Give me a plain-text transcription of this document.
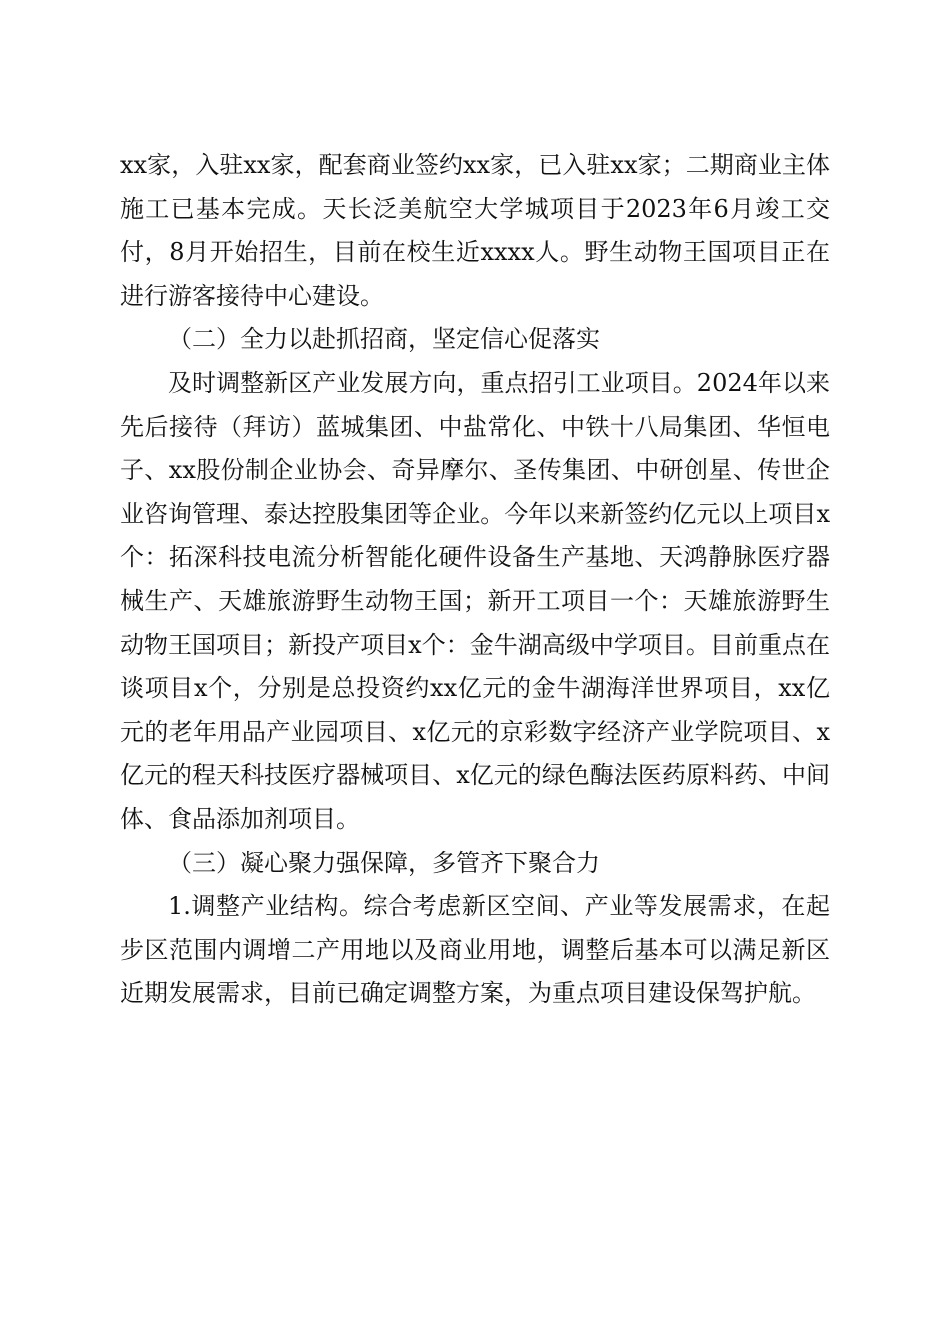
xx家，入驻xx家，配套商业签约xx家，已入驻xx家；二期商业主体施工已基本完成。天长泛美航空大学城项目于2023年6月竣工交付，8月开始招生，目前在校生近xxxx人。野生动物王国项目正在进行游客接待中心建设。

（二）全力以赴抓招商，坚定信心促落实

及时调整新区产业发展方向，重点招引工业项目。2024年以来先后接待（拜访）蓝城集团、中盐常化、中铁十八局集团、华恒电子、xx股份制企业协会、奇异摩尔、圣传集团、中研创星、传世企业咨询管理、泰达控股集团等企业。今年以来新签约亿元以上项目x个：拓深科技电流分析智能化硬件设备生产基地、天鸿静脉医疗器械生产、天雄旅游野生动物王国；新开工项目一个：天雄旅游野生动物王国项目；新投产项目x个：金牛湖高级中学项目。目前重点在谈项目x个，分别是总投资约xx亿元的金牛湖海洋世界项目，xx亿元的老年用品产业园项目、x亿元的京彩数字经济产业学院项目、x亿元的程天科技医疗器械项目、x亿元的绿色酶法医药原料药、中间体、食品添加剂项目。

（三）凝心聚力强保障，多管齐下聚合力

1.调整产业结构。综合考虑新区空间、产业等发展需求，在起步区范围内调增二产用地以及商业用地，调整后基本可以满足新区近期发展需求，目前已确定调整方案，为重点项目建设保驾护航。
